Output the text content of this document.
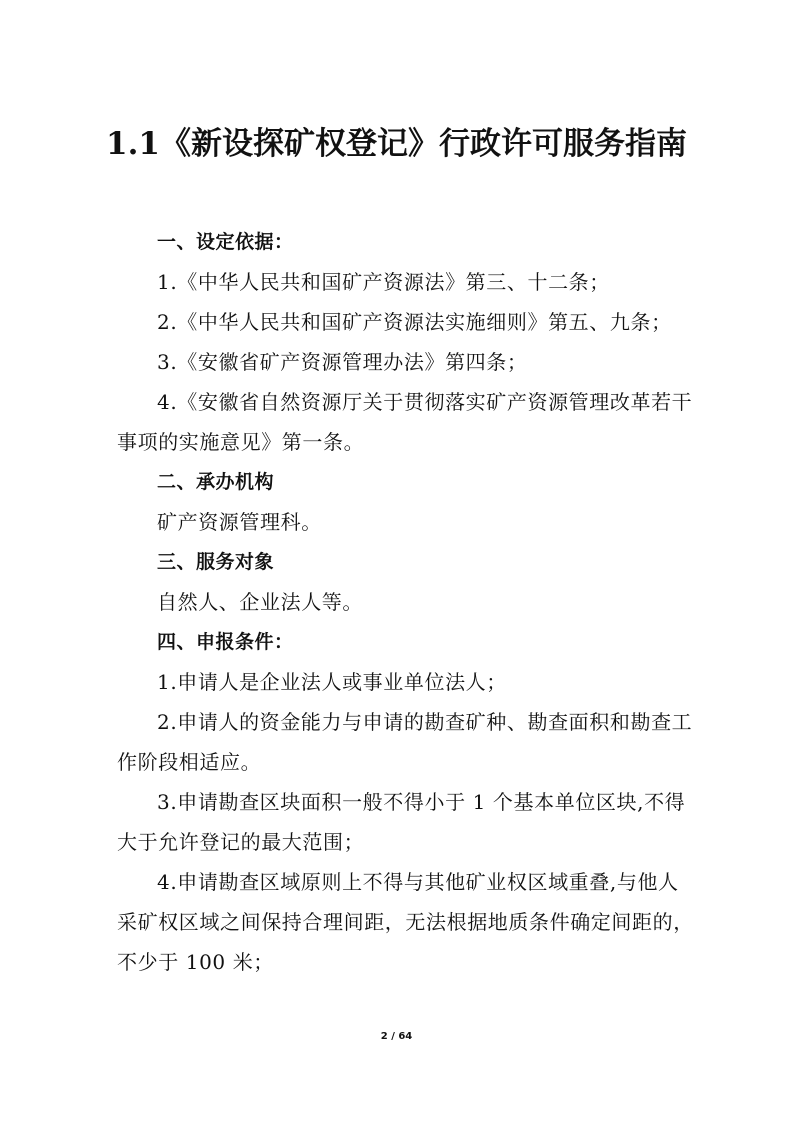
1.1《新设探矿权登记》行政许可服务指南
一、设定依据：
1.《中华人民共和国矿产资源法》第三、十二条；
2.《中华人民共和国矿产资源法实施细则》第五、九条；
3.《安徽省矿产资源管理办法》第四条；
4.《安徽省自然资源厅关于贯彻落实矿产资源管理改革若干
事项的实施意见》第一条。
二、承办机构
矿产资源管理科。
三、服务对象
自然人、企业法人等。
四、申报条件：
1.申请人是企业法人或事业单位法人；
2.申请人的资金能力与申请的勘查矿种、勘查面积和勘查工
作阶段相适应。
3.申请勘查区块面积一般不得小于 1 个基本单位区块,不得
大于允许登记的最大范围；
4.申请勘查区域原则上不得与其他矿业权区域重叠,与他人
采矿权区域之间保持合理间距，无法根据地质条件确定间距的，
不少于 100 米；
2 / 64
